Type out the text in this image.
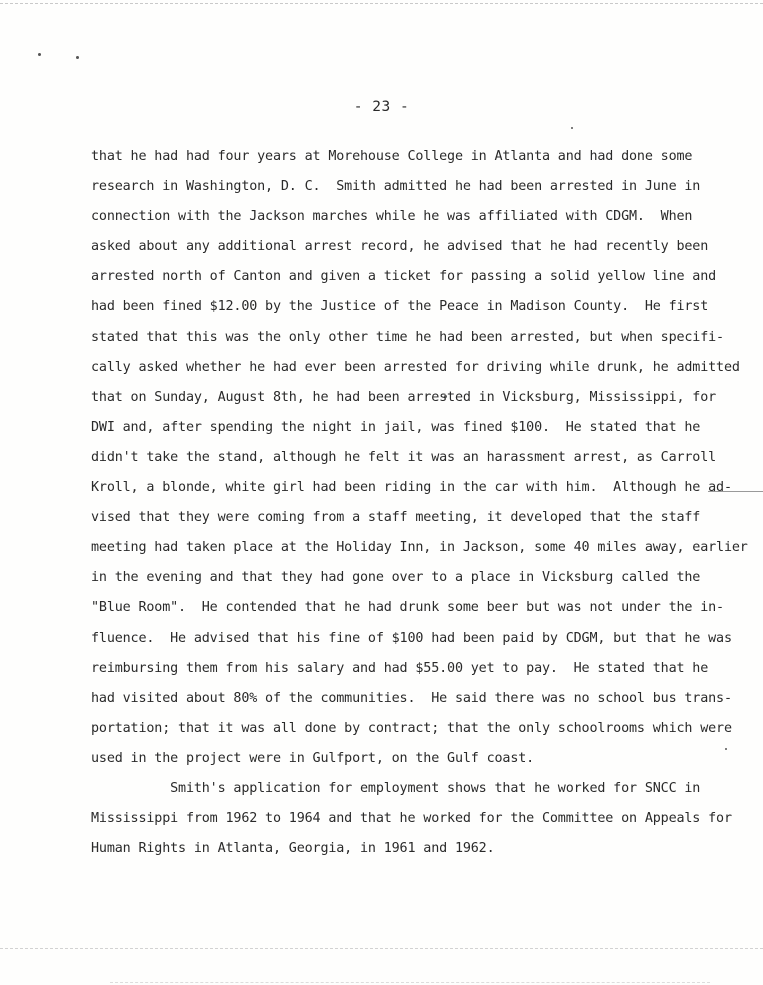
- 23 -
that he had had four years at Morehouse College in Atlanta and had done some
research in Washington, D. C.  Smith admitted he had been arrested in June in
connection with the Jackson marches while he was affiliated with CDGM.  When
asked about any additional arrest record, he advised that he had recently been
arrested north of Canton and given a ticket for passing a solid yellow line and
had been fined $12.00 by the Justice of the Peace in Madison County.  He first
stated that this was the only other time he had been arrested, but when specifi-
cally asked whether he had ever been arrested for driving while drunk, he admitted
that on Sunday, August 8th, he had been arrested in Vicksburg, Mississippi, for
DWI and, after spending the night in jail, was fined $100.  He stated that he
didn't take the stand, although he felt it was an harassment arrest, as Carroll
Kroll, a blonde, white girl had been riding in the car with him.  Although he ad-
vised that they were coming from a staff meeting, it developed that the staff
meeting had taken place at the Holiday Inn, in Jackson, some 40 miles away, earlier
in the evening and that they had gone over to a place in Vicksburg called the
"Blue Room".  He contended that he had drunk some beer but was not under the in-
fluence.  He advised that his fine of $100 had been paid by CDGM, but that he was
reimbursing them from his salary and had $55.00 yet to pay.  He stated that he
had visited about 80% of the communities.  He said there was no school bus trans-
portation; that it was all done by contract; that the only schoolrooms which were
used in the project were in Gulfport, on the Gulf coast.
Smith's application for employment shows that he worked for SNCC in
Mississippi from 1962 to 1964 and that he worked for the Committee on Appeals for
Human Rights in Atlanta, Georgia, in 1961 and 1962.
